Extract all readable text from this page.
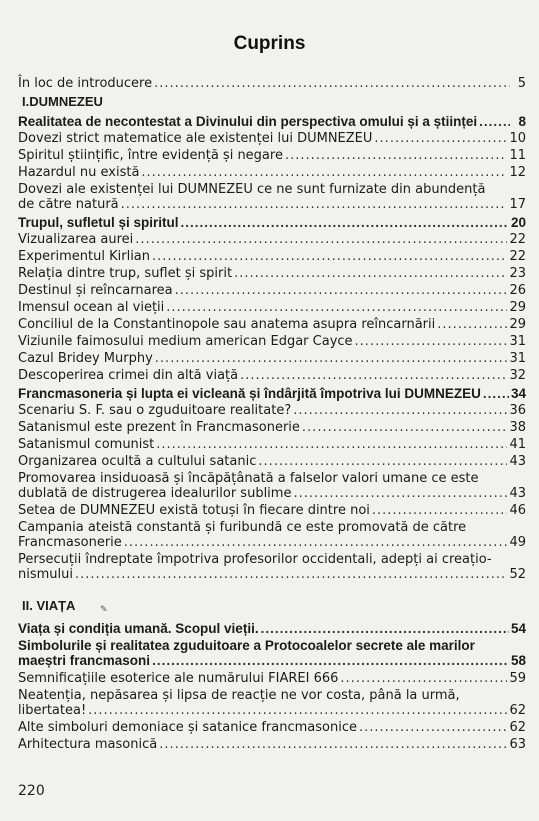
Cuprins
În loc de introducere .....	5
I.DUMNEZEU
Realitatea de necontestat a Divinului din perspectiva omului și a științei .....	8
Dovezi strict matematice ale existenței lui DUMNEZEU .....	10
Spiritul științific, între evidență și negare .....	11
Hazardul nu există .....	12
Dovezi ale existenței lui DUMNEZEU ce ne sunt furnizate din abundență
de către natură .....	17
Trupul, sufletul și spiritul .....	20
Vizualizarea aurei .....	22
Experimentul Kirlian .....	22
Relația dintre trup, suflet și spirit .....	23
Destinul și reîncarnarea .....	26
Imensul ocean al vieții .....	29
Conciliul de la Constantinopole sau anatema asupra reîncarnării .....	29
Viziunile faimosului medium american Edgar Cayce .....	31
Cazul Bridey Murphy .....	31
Descoperirea crimei din altă viață .....	32
Francmasoneria și lupta ei vicleană și îndârjită împotriva lui DUMNEZEU ..... 34
Scenariu S. F. sau o zguduitoare realitate? .....	36
Satanismul este prezent în Francmasonerie .....	38
Satanismul comunist .....	41
Organizarea ocultă a cultului satanic .....	43
Promovarea insiduoasă și încăpățânată a falselor valori umane ce este
dublată de distrugerea idealurilor sublime .....	43
Setea de DUMNEZEU există totuși în fiecare dintre noi .....	46
Campania ateistă constantă și furibundă ce este promovată de către
Francmasonerie .....	49
Persecuții îndreptate împotriva profesorilor occidentali, adepți ai creațio-
nismului .....	52
II. VIAȚA
Viața și condiția umană. Scopul vieții. .....	54
Simbolurile și realitatea zguduitoare a Protocoalelor secrete ale marilor
maeștri francmasoni .....	58
Semnificațiile esoterice ale numărului FIAREI 666 .....	59
Neatenția, nepăsarea și lipsa de reacție ne vor costa, până la urmă,
libertatea! .....	62
Alte simboluri demoniace și satanice francmasonice .....	62
Arhitectura masonică .....	63
✎
220
